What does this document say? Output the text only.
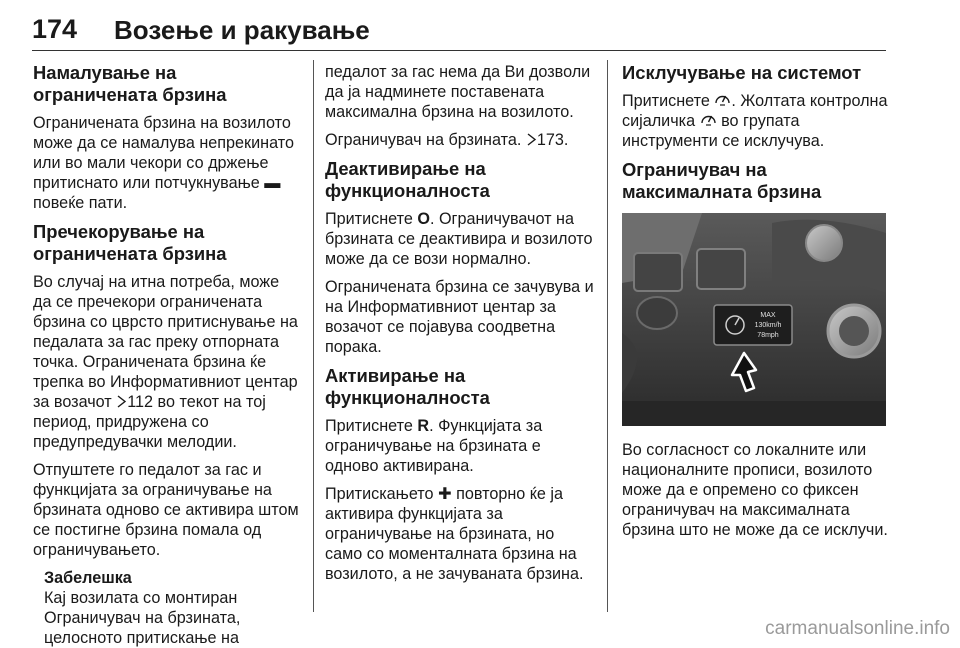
174 Возење и ракување
Намалување на ограничената брзина
Ограничената брзина на возилото може да се намалува непрекинато или во мали чекори со држење притиснато или потчукнување ▬ повеќе пати.
Пречекорување на ограничената брзина
Во случај на итна потреба, може да се пречекори ограничената брзина со цврсто притиснување на педалата за гас преку отпорната точка. Ограничената брзина ќе трепка во Информативниот центар за возачот 112 во текот на тој период, придружена со предупредувачки мелодии.
Отпуштете го педалот за гас и функцијата за ограничување на брзината одново се активира штом се постигне брзина помала од ограничувањето.
Забелешка
Кај возилата со монтиран Ограничувач на брзината, целосното притискање на
педалот за гас нема да Ви дозволи да ја надминете поставената максимална брзина на возилото.
Ограничувач на брзината. 173.
Деактивирање на функционалноста
Притиснете O. Ограничувачот на брзината се деактивира и возилото може да се вози нормално.
Ограничената брзина се зачувува и на Информативниот центар за возачот се појавува соодветна порака.
Активирање на функционалноста
Притиснете R. Функцијата за ограничување на брзината е одново активирана.
Притискањето ✚ повторно ќе ја активира функцијата за ограничување на брзината, но само со моменталната брзина на возилото, а не зачуваната брзина.
Исклучување на системот
Притиснете . Жолтата контролна сијаличка  во групата инструменти се исклучува.
Ограничувач на максималната брзина
MAX
130km/h
78mph
Во согласност со локалните или националните прописи, возилото може да е опремено со фиксен ограничувач на максималната брзина што не може да се исклучи.
carmanualsonline.info
